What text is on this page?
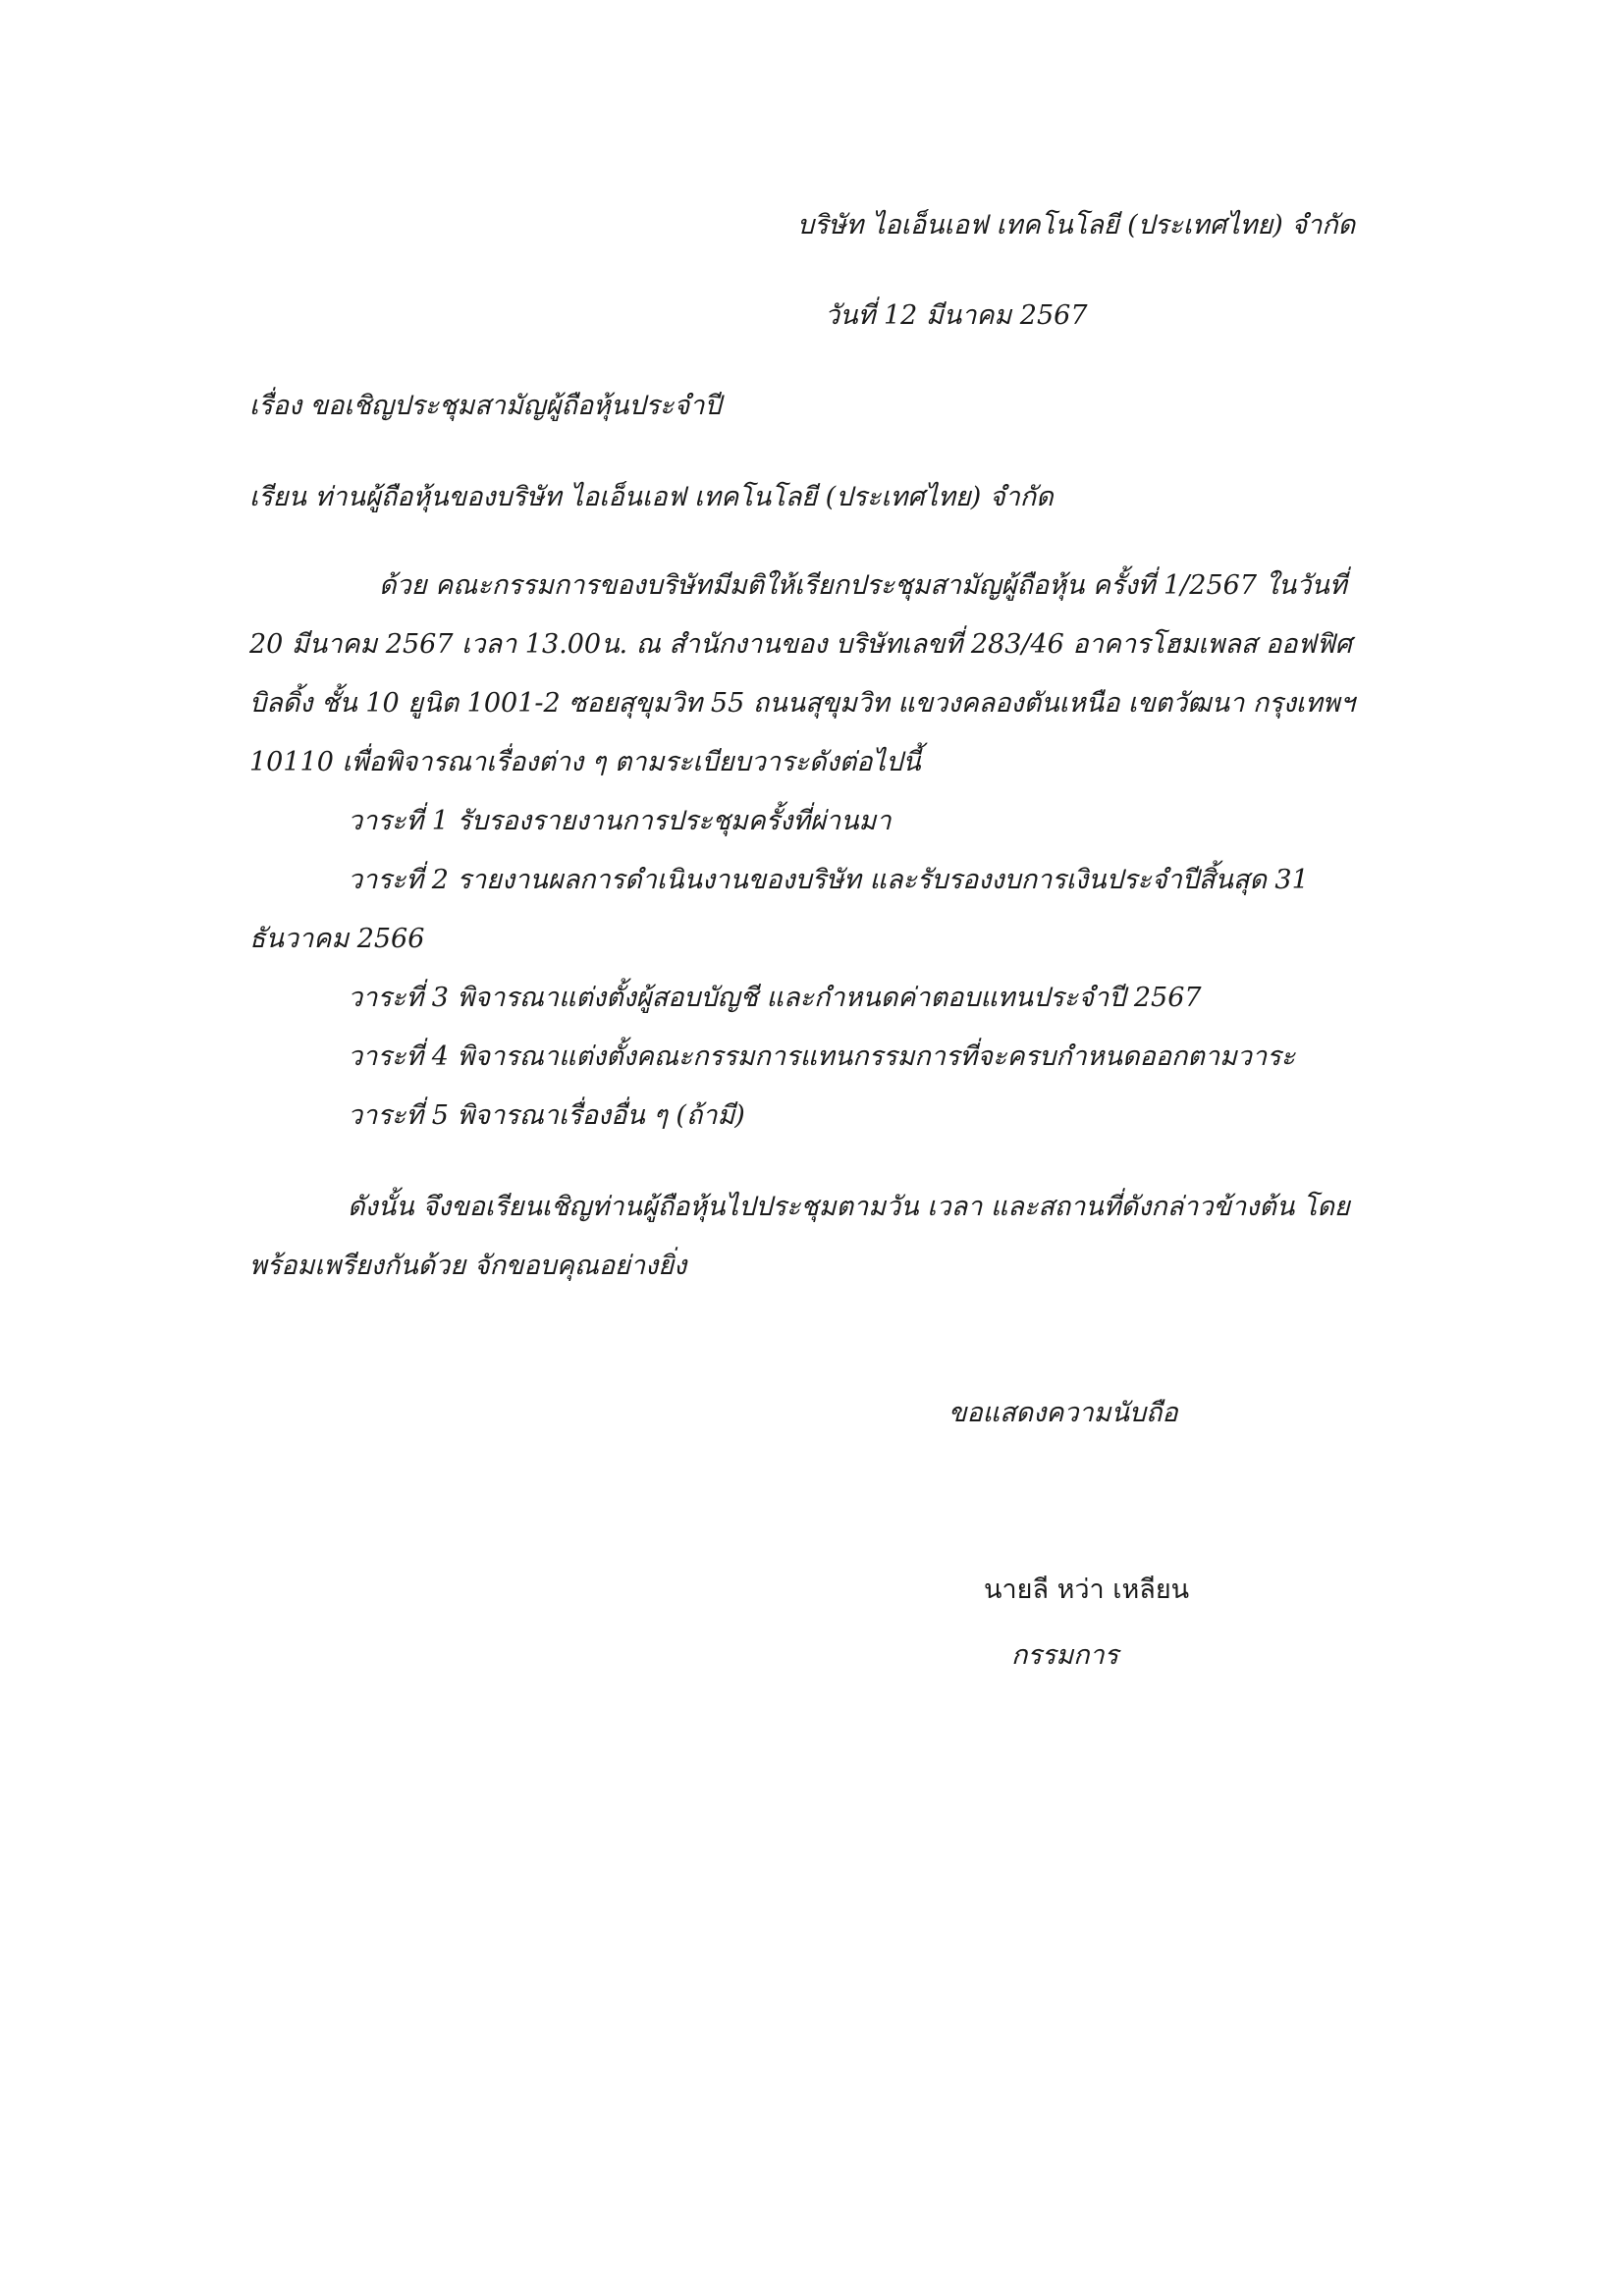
บริษัท ไอเอ็นเอฟ เทคโนโลยี (ประเทศไทย) จำกัด
วันที่ 12 มีนาคม 2567
เรื่อง ขอเชิญประชุมสามัญผู้ถือหุ้นประจำปี
เรียน ท่านผู้ถือหุ้นของบริษัท ไอเอ็นเอฟ เทคโนโลยี (ประเทศไทย) จำกัด
ด้วย คณะกรรมการของบริษัทมีมติให้เรียกประชุมสามัญผู้ถือหุ้น ครั้งที่ 1/2567 ในวันที่
20 มีนาคม 2567 เวลา 13.00น. ณ สำนักงานของ บริษัทเลขที่ 283/46 อาคารโฮมเพลส ออฟฟิศ
บิลดิ้ง ชั้น 10 ยูนิต 1001-2 ซอยสุขุมวิท 55 ถนนสุขุมวิท แขวงคลองตันเหนือ เขตวัฒนา กรุงเทพฯ
10110 เพื่อพิจารณาเรื่องต่าง ๆ ตามระเบียบวาระดังต่อไปนี้
วาระที่ 1 รับรองรายงานการประชุมครั้งที่ผ่านมา
วาระที่ 2 รายงานผลการดำเนินงานของบริษัท และรับรองงบการเงินประจำปีสิ้นสุด 31
ธันวาคม 2566
วาระที่ 3 พิจารณาแต่งตั้งผู้สอบบัญชี และกำหนดค่าตอบแทนประจำปี 2567
วาระที่ 4 พิจารณาแต่งตั้งคณะกรรมการแทนกรรมการที่จะครบกำหนดออกตามวาระ
วาระที่ 5 พิจารณาเรื่องอื่น ๆ (ถ้ามี)
ดังนั้น จึงขอเรียนเชิญท่านผู้ถือหุ้นไปประชุมตามวัน เวลา และสถานที่ดังกล่าวข้างต้น โดย
พร้อมเพรียงกันด้วย จักขอบคุณอย่างยิ่ง
ขอแสดงความนับถือ
นายลี หว่า เหลียน
กรรมการ
